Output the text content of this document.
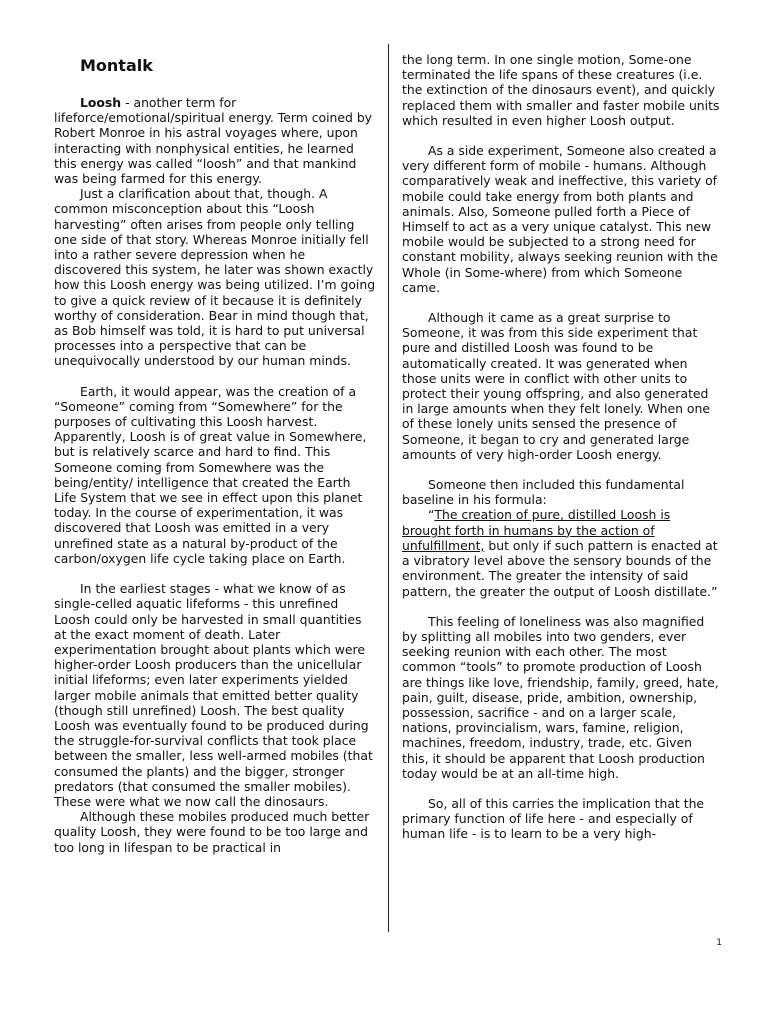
Montalk

Loosh - another term for lifeforce/emotional/spiritual energy. Term coined by Robert Monroe in his astral voyages where, upon interacting with nonphysical entities, he learned this energy was called “loosh” and that mankind was being farmed for this energy.

Just a clarification about that, though. A common misconception about this “Loosh harvesting” often arises from people only telling one side of that story. Whereas Monroe initially fell into a rather severe depression when he discovered this system, he later was shown exactly how this Loosh energy was being utilized. I’m going to give a quick review of it because it is definitely worthy of consideration. Bear in mind though that, as Bob himself was told, it is hard to put universal processes into a perspective that can be unequivocally understood by our human minds.

Earth, it would appear, was the creation of a “Someone” coming from “Somewhere” for the purposes of cultivating this Loosh harvest. Apparently, Loosh is of great value in Somewhere, but is relatively scarce and hard to find. This Someone coming from Somewhere was the being/entity/ intelligence that created the Earth Life System that we see in effect upon this planet today. In the course of experimentation, it was discovered that Loosh was emitted in a very unrefined state as a natural by-product of the carbon/oxygen life cycle taking place on Earth.

In the earliest stages - what we know of as single-celled aquatic lifeforms - this unrefined Loosh could only be harvested in small quantities at the exact moment of death. Later experimentation brought about plants which were higher-order Loosh producers than the unicellular initial lifeforms; even later experiments yielded larger mobile animals that emitted better quality (though still unrefined) Loosh. The best quality Loosh was eventually found to be produced during the struggle-for-survival conflicts that took place between the smaller, less well-armed mobiles (that consumed the plants) and the bigger, stronger predators (that consumed the smaller mobiles). These were what we now call the dinosaurs.

Although these mobiles produced much better quality Loosh, they were found to be too large and too long in lifespan to be practical in

the long term. In one single motion, Some-one terminated the life spans of these creatures (i.e. the extinction of the dinosaurs event), and quickly replaced them with smaller and faster mobile units which resulted in even higher Loosh output.

As a side experiment, Someone also created a very different form of mobile - humans. Although comparatively weak and ineffective, this variety of mobile could take energy from both plants and animals. Also, Someone pulled forth a Piece of Himself to act as a very unique catalyst. This new mobile would be subjected to a strong need for constant mobility, always seeking reunion with the Whole (in Some-where) from which Someone came.

Although it came as a great surprise to Someone, it was from this side experiment that pure and distilled Loosh was found to be automatically created. It was generated when those units were in conflict with other units to protect their young offspring, and also generated in large amounts when they felt lonely. When one of these lonely units sensed the presence of Someone, it began to cry and generated large amounts of very high-order Loosh energy.

Someone then included this fundamental baseline in his formula:

“The creation of pure, distilled Loosh is brought forth in humans by the action of unfulfillment, but only if such pattern is enacted at a vibratory level above the sensory bounds of the environment. The greater the intensity of said pattern, the greater the output of Loosh distillate.”

This feeling of loneliness was also magnified by splitting all mobiles into two genders, ever seeking reunion with each other. The most common “tools” to promote production of Loosh are things like love, friendship, family, greed, hate, pain, guilt, disease, pride, ambition, ownership, possession, sacrifice - and on a larger scale, nations, provincialism, wars, famine, religion, machines, freedom, industry, trade, etc. Given this, it should be apparent that Loosh production today would be at an all-time high.

So, all of this carries the implication that the primary function of life here - and especially of human life - is to learn to be a very high-

1
